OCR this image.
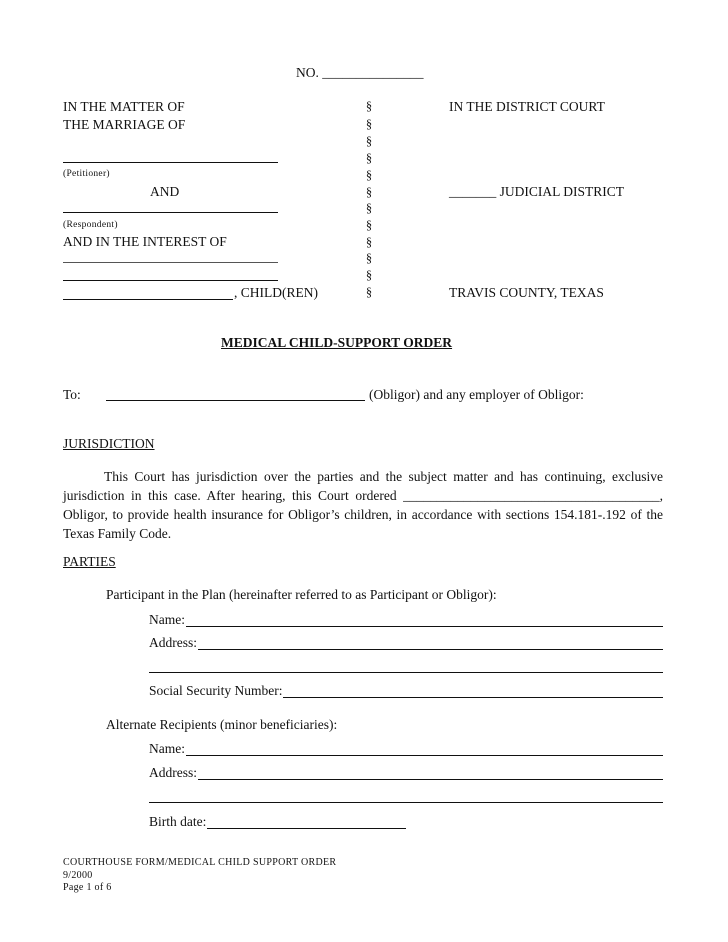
NO. _______________
IN THE MATTER OF
THE MARRIAGE OF
(Petitioner)
AND
(Respondent)
AND IN THE INTEREST OF
, CHILD(REN)
§
§
§
§
§
§
§
§
§
§
§
§
IN THE DISTRICT COURT
_______ JUDICIAL DISTRICT
TRAVIS COUNTY, TEXAS
MEDICAL CHILD-SUPPORT ORDER
To:	(Obligor) and any employer of Obligor:
JURISDICTION
This Court has jurisdiction over the parties and the subject matter and has continuing, exclusive
jurisdiction in this case. After hearing, this Court ordered ______________________________________,
Obligor, to provide health insurance for Obligor’s children, in accordance with sections 154.181-.192 of the
Texas Family Code.
PARTIES
Participant in the Plan (hereinafter referred to as Participant or Obligor):
Name:
Address:
Social Security Number:
Alternate Recipients (minor beneficiaries):
Name:
Address:
Birth date:
COURTHOUSE FORM/MEDICAL CHILD SUPPORT ORDER
9/2000
Page 1 of 6
